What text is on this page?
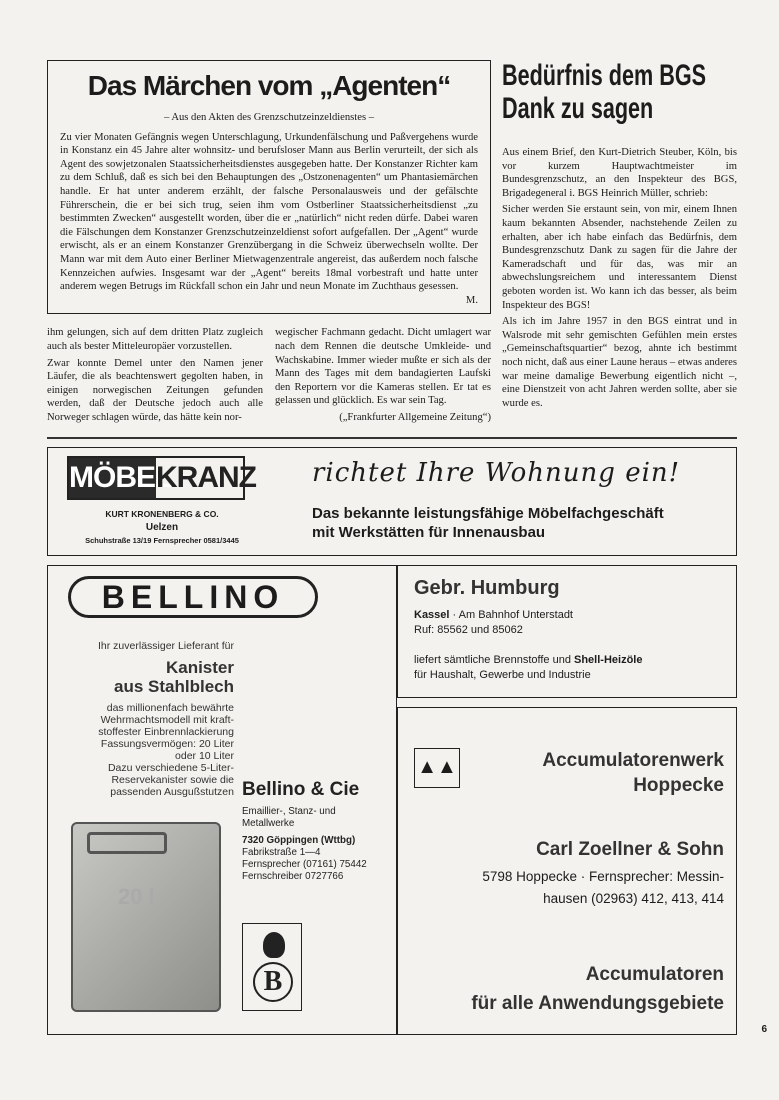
Das Märchen vom „Agenten“
– Aus den Akten des Grenzschutzeinzeldienstes –
Zu vier Monaten Gefängnis wegen Unterschlagung, Urkundenfälschung und Paßvergehens wurde in Konstanz ein 45 Jahre alter wohnsitz- und berufsloser Mann aus Berlin verurteilt, der sich als Agent des sowjetzonalen Staatssicherheitsdienstes ausgegeben hatte. Der Konstanzer Richter kam zu dem Schluß, daß es sich bei den Behauptungen des „Ostzonenagenten“ um Phantasiemärchen handle. Er hat unter anderem erzählt, der falsche Personalausweis und der gefälschte Führerschein, die er bei sich trug, seien ihm vom Ostberliner Staatssicherheitsdienst „zu bestimmten Zwecken“ ausgestellt worden, über die er „natürlich“ nicht reden dürfe. Dabei waren die Fälschungen dem Konstanzer Grenzschutzeinzeldienst sofort aufgefallen. Der „Agent“ wurde erwischt, als er an einem Konstanzer Grenzübergang in die Schweiz überwechseln wollte. Der Mann war mit dem Auto einer Berliner Mietwagenzentrale angereist, das außerdem noch falsche Kennzeichen aufwies. Insgesamt war der „Agent“ bereits 18mal vorbestraft und hatte unter anderem wegen Betrugs im Rückfall schon ein Jahr und neun Monate im Zuchthaus gesessen.
M.

ihm gelungen, sich auf dem dritten Platz zugleich auch als bester Mitteleuropäer vorzustellen.

Zwar konnte Demel unter den Namen jener Läufer, die als beachtenswert gegolten haben, in einigen norwegischen Zeitungen gefunden werden, daß der Deutsche jedoch auch alle Norweger schlagen würde, das hätte kein nor-

wegischer Fachmann gedacht. Dicht umlagert war nach dem Rennen die deutsche Umkleide- und Wachskabine. Immer wieder mußte er sich als der Mann des Tages mit dem bandagierten Laufski den Reportern vor die Kameras stellen. Er tat es gelassen und glücklich. Es war sein Tag.

(„Frankfurter Allgemeine Zeitung“)

Bedürfnis dem BGS
Dank zu sagen

Aus einem Brief, den Kurt-Dietrich Steuber, Köln, bis vor kurzem Hauptwachtmeister im Bundesgrenzschutz, an den Inspekteur des BGS, Brigadegeneral i. BGS Heinrich Müller, schrieb:

Sicher werden Sie erstaunt sein, von mir, einem Ihnen kaum bekannten Absender, nachstehende Zeilen zu erhalten, aber ich habe einfach das Bedürfnis, dem Bundesgrenzschutz Dank zu sagen für die Jahre der Kameradschaft und für das, was mir an abwechslungsreichem und interessantem Dienst geboten worden ist. Wo kann ich das besser, als beim Inspekteur des BGS!

Als ich im Jahre 1957 in den BGS eintrat und in Walsrode mit sehr gemischten Gefühlen mein erstes „Gemeinschaftsquartier“ bezog, ahnte ich bestimmt noch nicht, daß aus einer Laune heraus – etwas anderes war meine damalige Bewerbung eigentlich nicht –, eine Dienstzeit von acht Jahren werden sollte, aber sie wurde es.

MÖBEL
KRANZ
KURT KRONENBERG & CO.
Uelzen
Schuhstraße 13/19 Fernsprecher 0581/3445
richtet Ihre Wohnung ein!
Das bekannte leistungsfähige Möbelfachgeschäft
mit Werkstätten für Innenausbau
BELLINO
Ihr zuverlässiger Lieferant für
Kanister
aus Stahlblech
das millionenfach bewährte
Wehrmachtsmodell mit kraft-
stoffester Einbrennlackierung
Fassungsvermögen: 20 Liter
oder 10 Liter
Dazu verschiedene 5-Liter-
Reservekanister sowie die
passenden Ausgußstutzen
20 l
Bellino & Cie
Emaillier-, Stanz- und Metallwerke
7320 Göppingen (Wttbg)
Fabrikstraße 1—4
Fernsprecher (07161) 75442
Fernschreiber 0727766
B
Gebr. Humburg
Kassel · Am Bahnhof Unterstadt
Ruf: 85562 und 85062
liefert sämtliche Brennstoffe und Shell-Heizöle
für Haushalt, Gewerbe und Industrie
▲▲	Accumulatorenwerk
Hoppecke
Carl Zoellner & Sohn
5798 Hoppecke · Fernsprecher: Messin-
hausen (02963) 412, 413, 414
Accumulatoren
für alle Anwendungsgebiete
6
